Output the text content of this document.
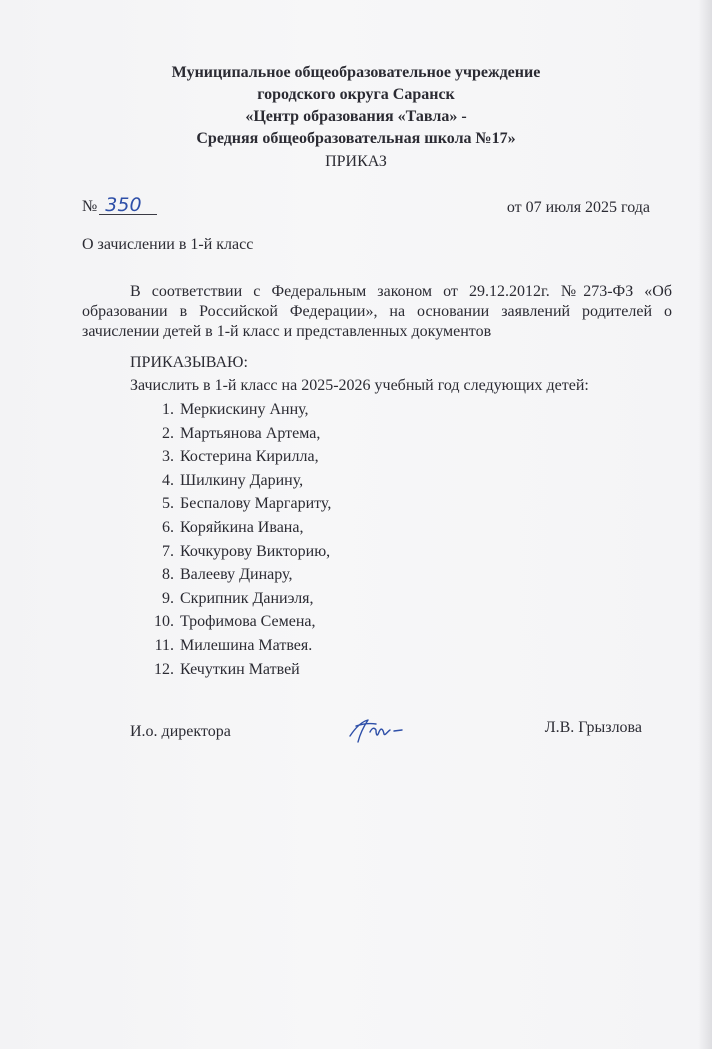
Муниципальное общеобразовательное учреждение
городского округа Саранск
«Центр образования «Тавла» -
Средняя общеобразовательная школа №17»
ПРИКАЗ
№ 350	от 07 июля 2025 года
О зачислении в 1-й класс

В соответствии с Федеральным законом от 29.12.2012г. №273-ФЗ «Об образовании в Российской Федерации», на основании заявлений родителей о зачислении детей в 1-й класс и представленных документов

ПРИКАЗЫВАЮ:
Зачислить в 1-й класс на 2025-2026 учебный год следующих детей:
1. Меркискину Анну,
2. Мартьянова Артема,
3. Костерина Кирилла,
4. Шилкину Дарину,
5. Беспалову Маргариту,
6. Коряйкина Ивана,
7. Кочкурову Викторию,
8. Валееву Динару,
9. Скрипник Даниэля,
10. Трофимова Семена,
11. Милешина Матвея.
12. Кечуткин Матвей
И.о. директора	Л.В. Грызлова
